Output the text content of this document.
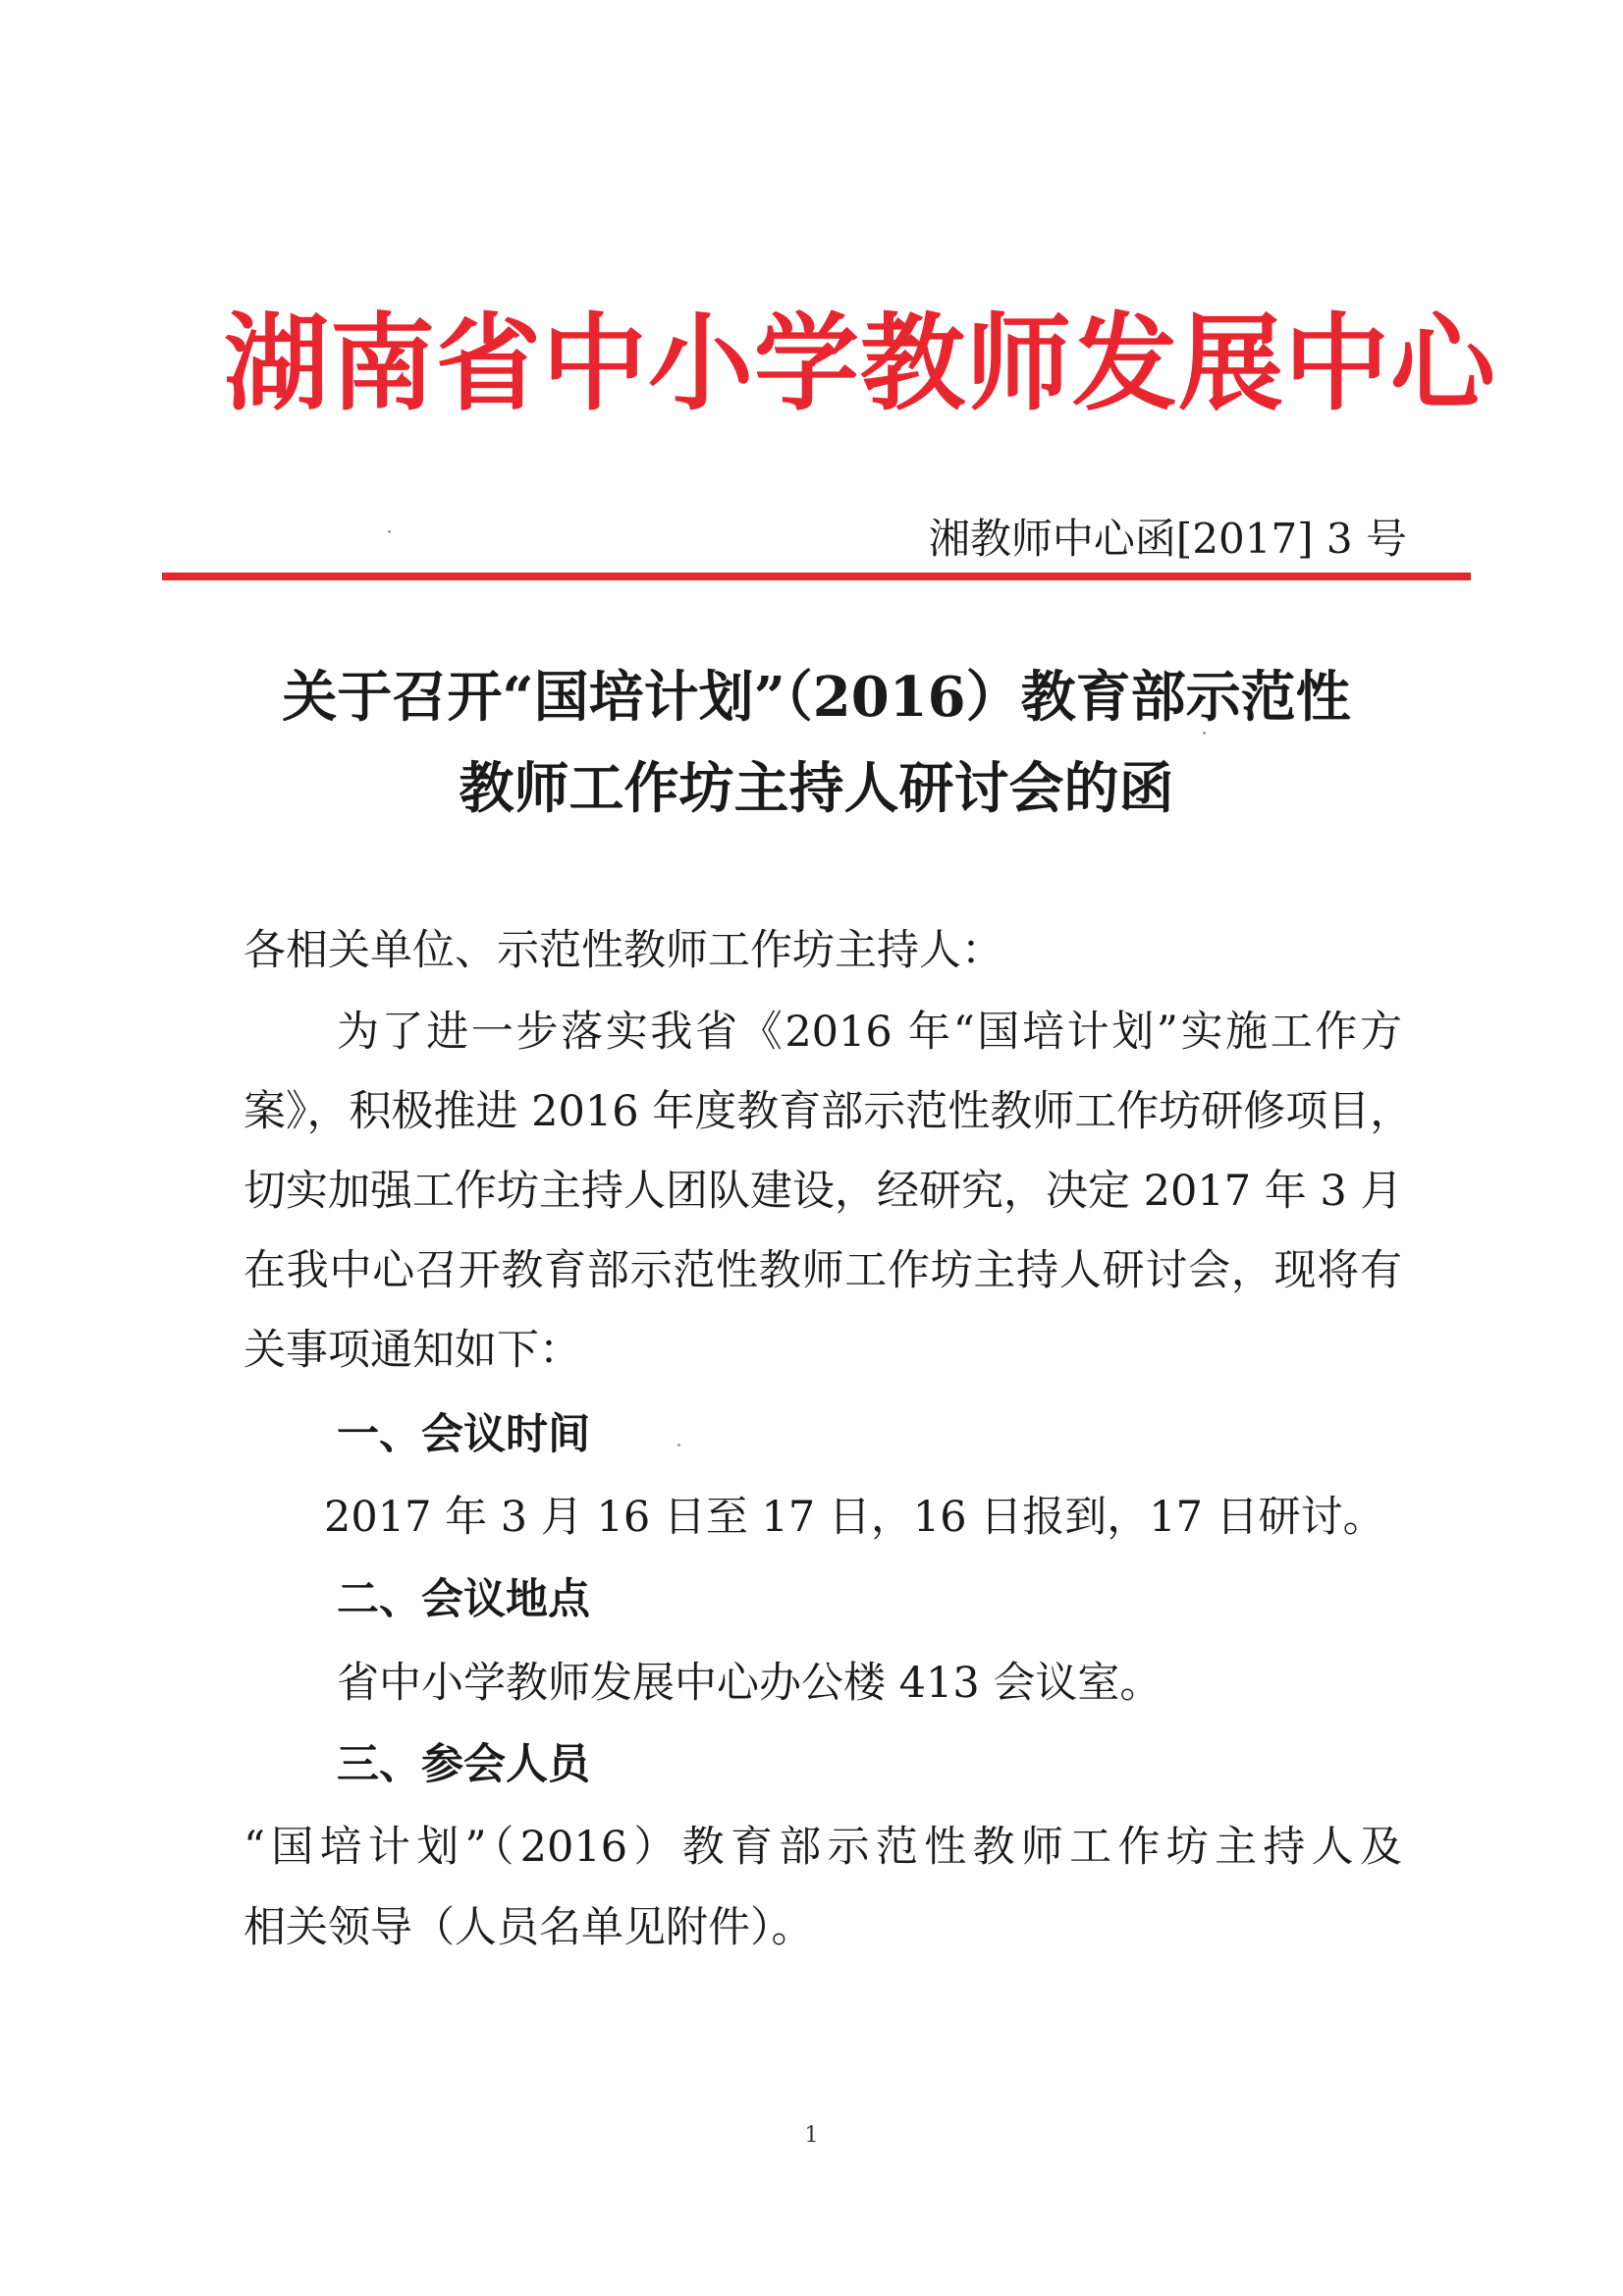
湖南省中小学教师发展中心
湘教师中心函[2017] 3 号
关于召开“国培计划”（2016）教育部示范性
教师工作坊主持人研讨会的函
各相关单位、示范性教师工作坊主持人：
为了进一步落实我省《2016 年“国培计划”实施工作方
案》，积极推进 2016 年度教育部示范性教师工作坊研修项目，
切实加强工作坊主持人团队建设，经研究，决定 2017 年 3 月
在我中心召开教育部示范性教师工作坊主持人研讨会，现将有
关事项通知如下：
一、会议时间
2017 年 3 月 16 日至 17 日，16 日报到，17 日研讨。
二、会议地点
省中小学教师发展中心办公楼 413 会议室。
三、参会人员
“国培计划”（2016）教育部示范性教师工作坊主持人及
相关领导（人员名单见附件）。
1
